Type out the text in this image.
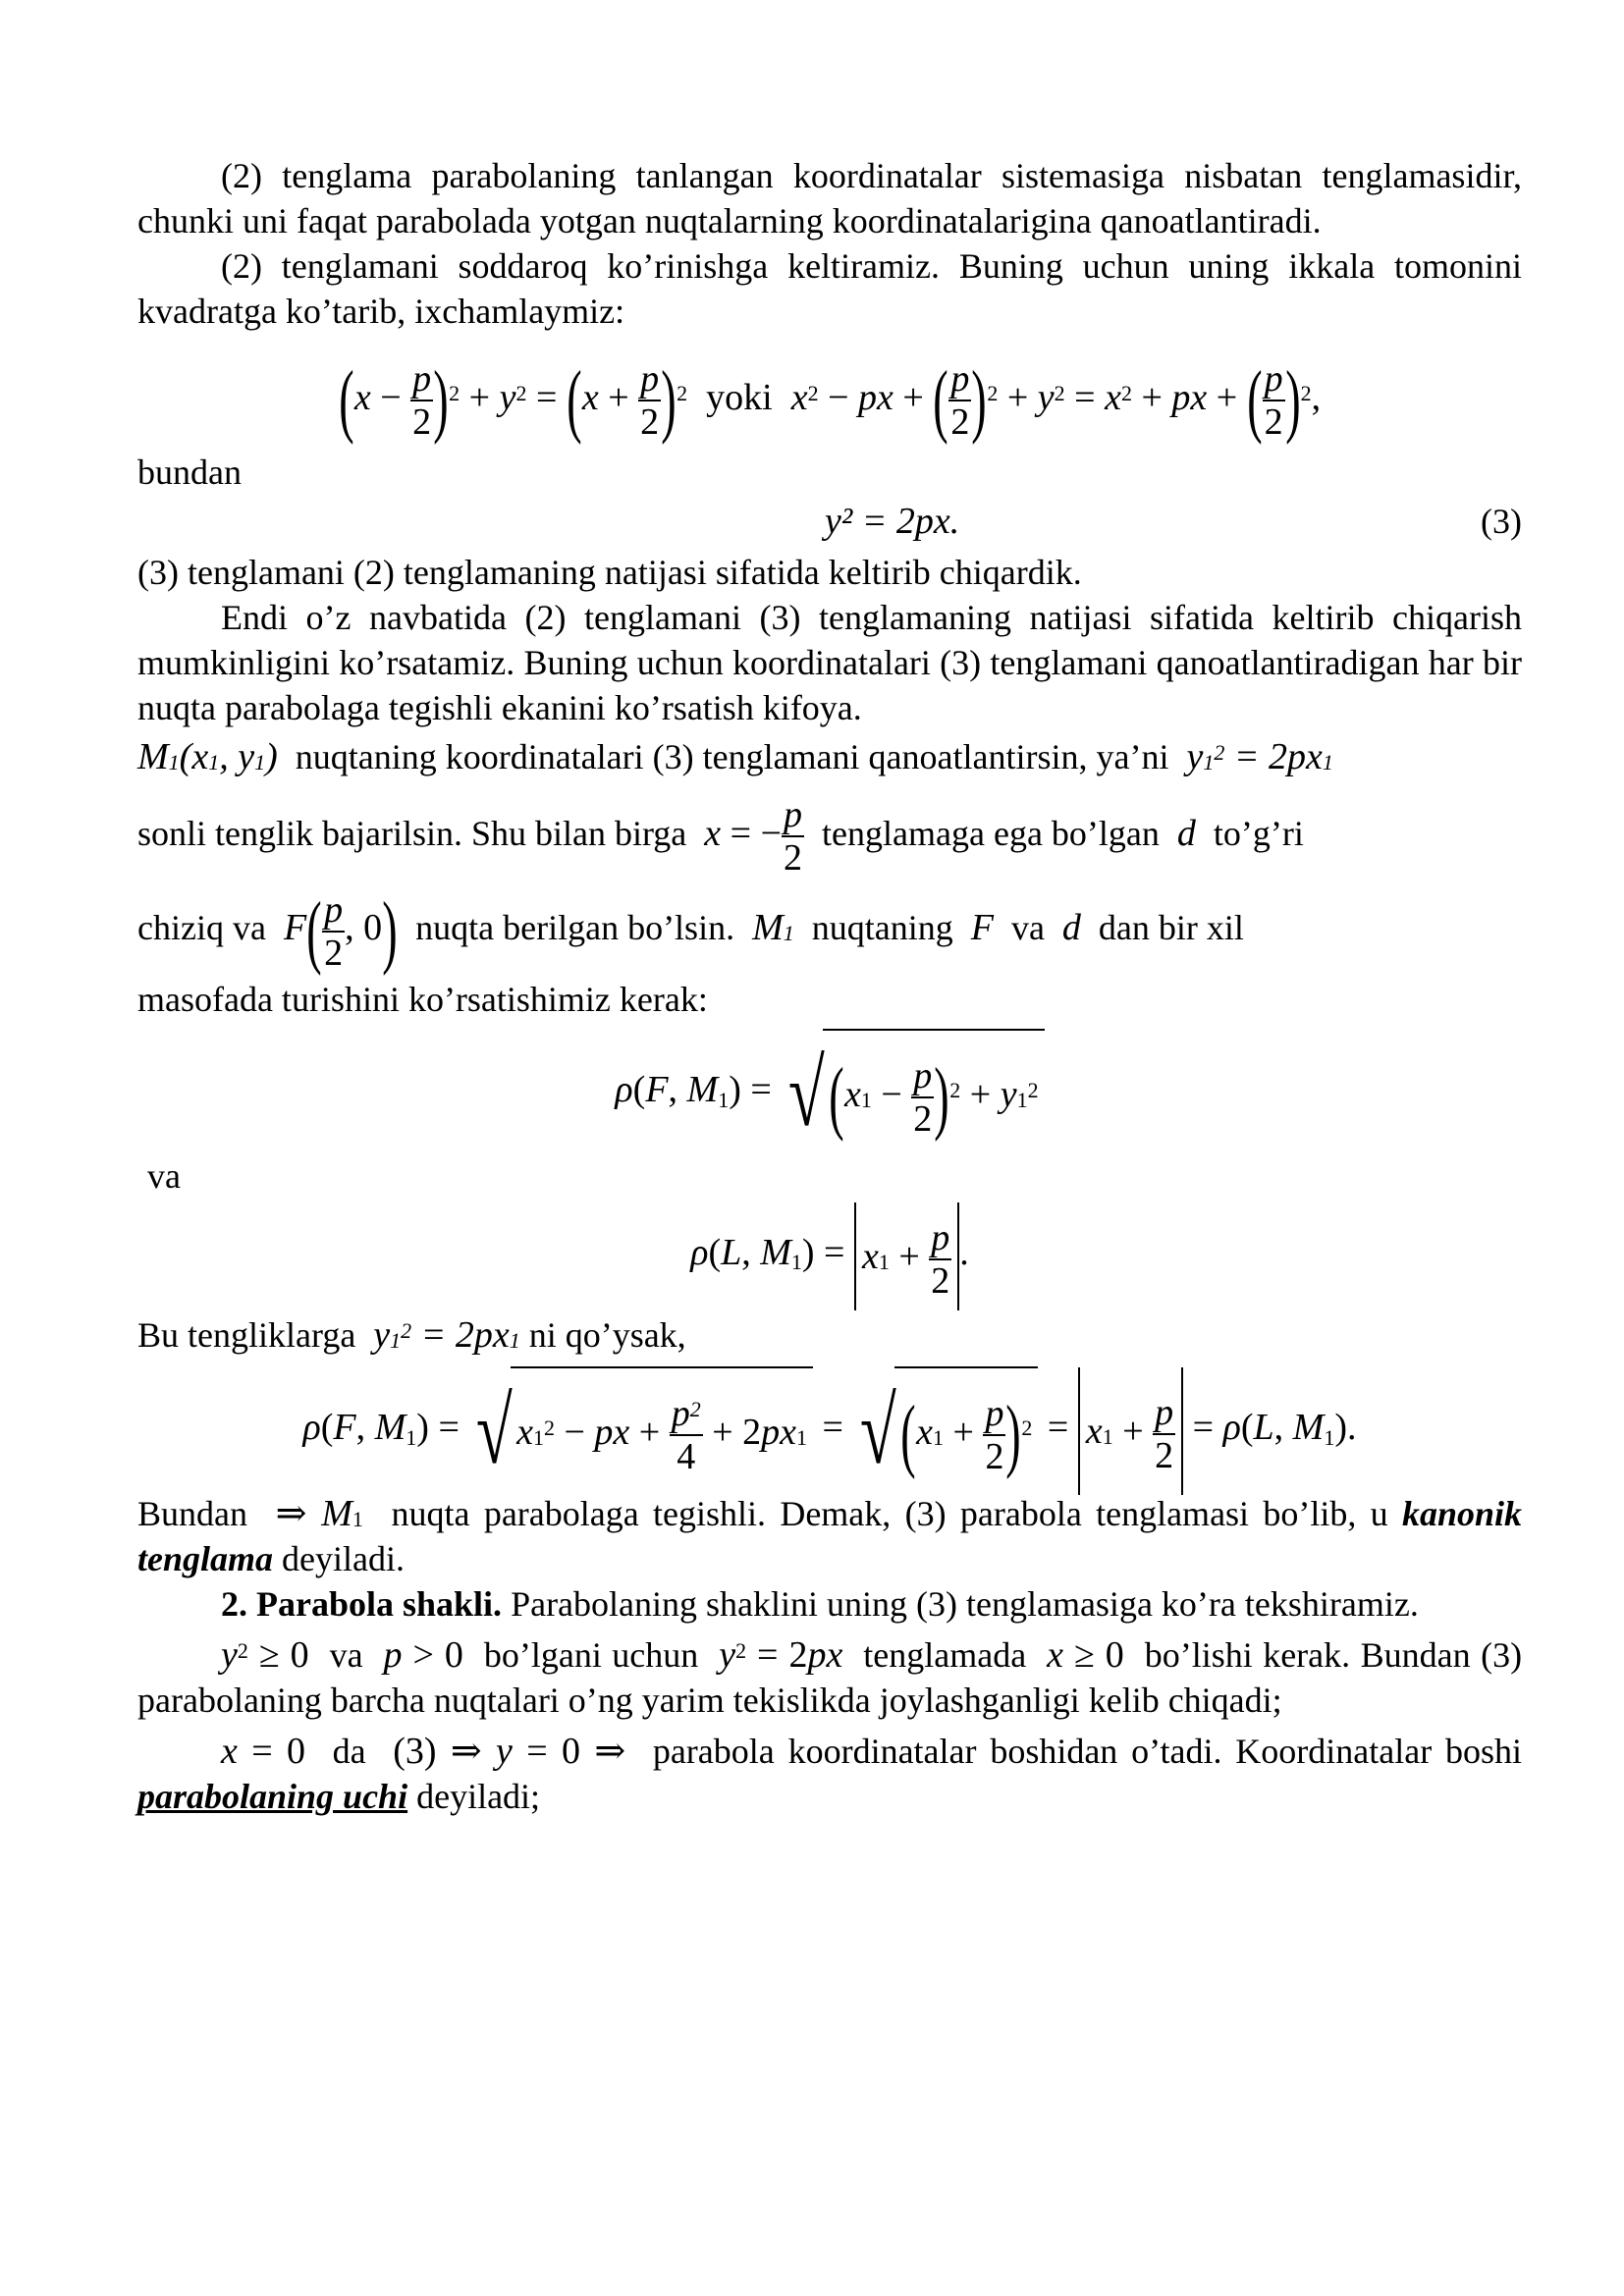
(2) tenglama parabolaning tanlangan koordinatalar sistemasiga nisbatan tenglamasidir, chunki uni faqat parabolada yotgan nuqtalarning koordinatalarigina qanoatlantiradi.

(2) tenglamani soddaroq ko’rinishga keltiramiz. Buning uchun uning ikkala tomonini kvadratga ko’tarib, ixchamlaymiz:

$(x - \frac{p}{2} )^2 + y^2 = (x + \frac{p}{2} )^2$ yoki $x^2$ − px + ( $\frac{p}{2} )^2 + y^2 = x^2$ + px + ( $\frac{p}{2} )^2$,

bundan

y² = 2px.	(3)

(3) tenglamani (2) tenglamaning natijasi sifatida keltirib chiqardik.

Endi o’z navbatida (2) tenglamani (3) tenglamaning natijasi sifatida keltirib chiqarish mumkinligini ko’rsatamiz. Buning uchun koordinatalari (3) tenglamani qanoatlantiradigan har bir nuqta parabolaga tegishli ekanini ko’rsatish kifoya.

M1(x1, y1) nuqtaning koordinatalari (3) tenglamani qanoatlantirsin, ya’ni $y1^2 = 2px1$

sonli tenglik bajarilsin. Shu bilan birga x = − $\frac{p}{2}$ tenglamaga ega bo’lgan d to’g’ri

chiziq va $F( \frac{p}{2}$ , 0) nuqta berilgan bo’lsin. M1 nuqtaning F va d dan bir xil

masofada turishini ko’rsatishimiz kerak:

ρ(F, $M1) = √(x1 - \frac{p}{2} )^2 + y1^2$

va

ρ(L, $M1) = x1 + \frac{p}{2}$ .

Bu tengliklarga $y1^2 = 2px1$ ni qo’ysak,

ρ(F, M1) = √ $x1^2$ − px + $\frac{p^2}{4} + 2px1 = √(x1 + \frac{p}{2} )^2 = x1 + \frac{p}{2} = \rho(L$, M1).

Bundan ⇒ M1 nuqta parabolaga tegishli. Demak, (3) parabola tenglamasi bo’lib, u kanonik tenglama deyiladi.

2. Parabola shakli. Parabolaning shaklini uning (3) tenglamasiga ko’ra tekshiramiz.

$y^2 \ge 0$ va p > 0 bo’lgani uchun $y^2 = 2px$ tenglamada x ≥ 0 bo’lishi kerak. Bundan (3) parabolaning barcha nuqtalari o’ng yarim tekislikda joylashganligi kelib chiqadi;

x = 0 da (3) ⇒ y = 0 ⇒ parabola koordinatalar boshidan o’tadi. Koordinatalar boshi parabolaning uchi deyiladi;
